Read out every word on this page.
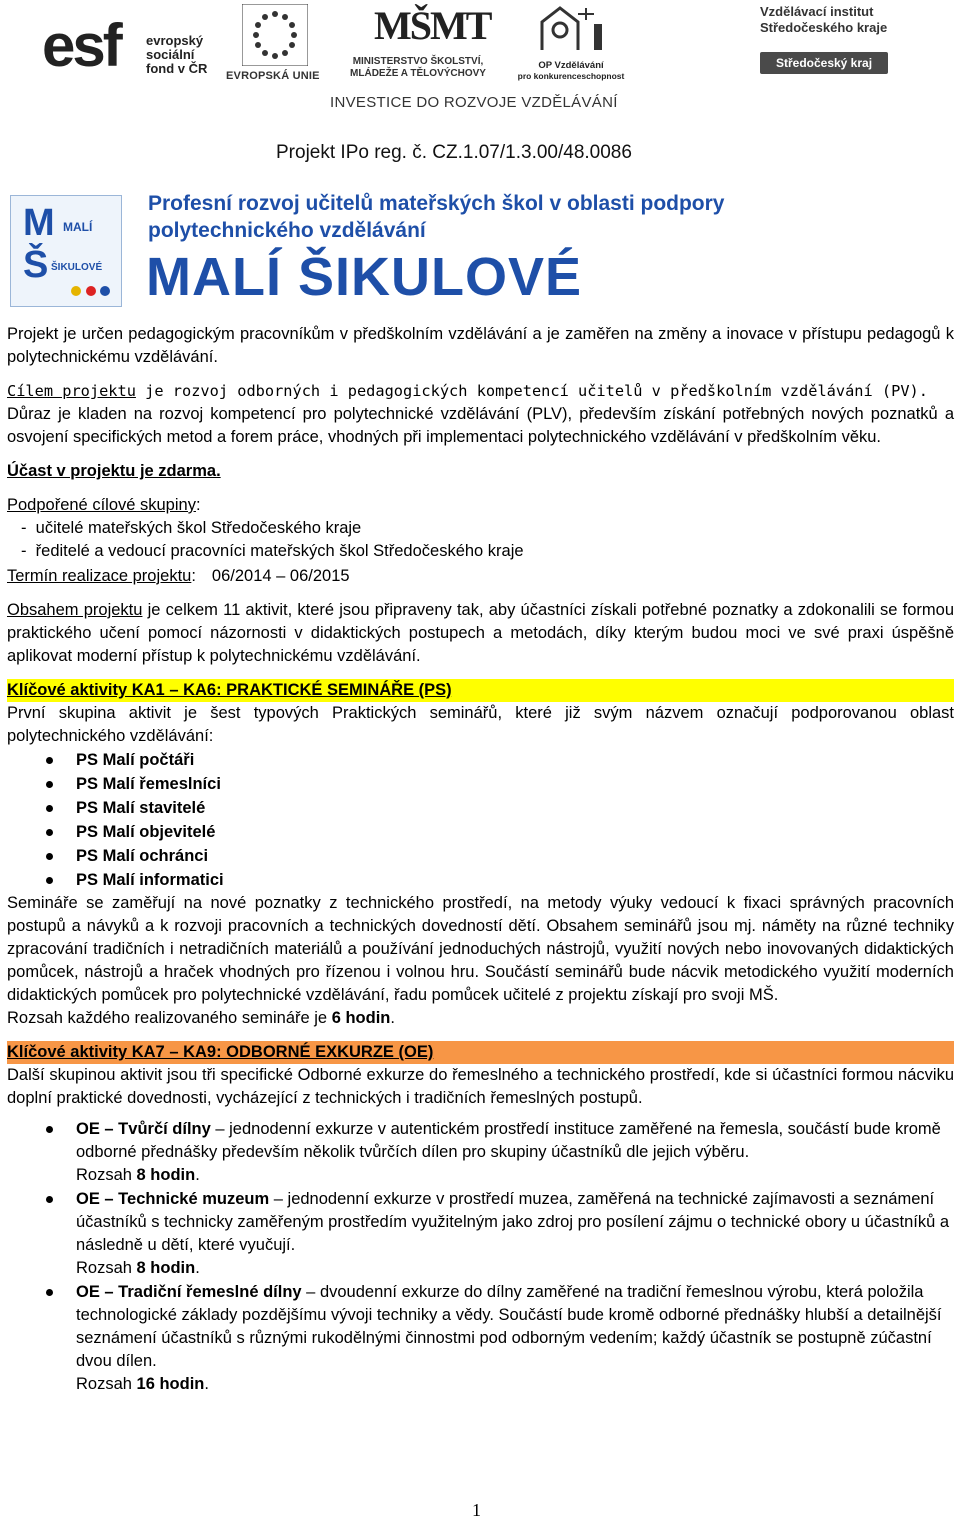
esf evropský
sociální
fond v ČR EVROPSKÁ UNIE
MŠMT
MINISTERSTVO ŠKOLSTVÍ,
MLÁDEŽE A TĚLOVÝCHOVY
OP Vzdělávání
pro konkurenceschopnost
Vzdělávací institut
Středočeského kraje
Středočeský kraj
INVESTICE DO ROZVOJE VZDĚLÁVÁNÍ
Projekt IPo reg. č. CZ.1.07/1.3.00/48.0086
M MALÍ
Š ŠIKULOVÉ

Profesní rozvoj učitelů mateřských škol v oblasti podpory
polytechnického vzdělávání
MALÍ ŠIKULOVÉ
Projekt je určen pedagogickým pracovníkům v předškolním vzdělávání a je zaměřen na změny a inovace v přístupu pedagogů k polytechnickému vzdělávání.
Cílem projektu je rozvoj odborných i pedagogických kompetencí učitelů v předškolním vzdělávání (PV).
Důraz je kladen na rozvoj kompetencí pro polytechnické vzdělávání (PLV), především získání potřebných nových poznatků a osvojení specifických metod a forem práce, vhodných při implementaci polytechnického vzdělávání v předškolním věku.
Účast v projektu je zdarma.
Podpořené cílové skupiny:
-  učitelé mateřských škol Středočeského kraje
-  ředitelé a vedoucí pracovníci mateřských škol Středočeského kraje
Termín realizace projektu: 06/2014 – 06/2015
Obsahem projektu je celkem 11 aktivit, které jsou připraveny tak, aby účastníci získali potřebné poznatky a zdokonalili se formou praktického učení pomocí názornosti v didaktických postupech a metodách, díky kterým budou moci ve své praxi úspěšně aplikovat moderní přístup k polytechnickému vzdělávání.
Klíčové aktivity KA1 – KA6: PRAKTICKÉ SEMINÁŘE (PS)
První skupina aktivit je šest typových Praktických seminářů, které již svým názvem označují podporovanou oblast polytechnického vzdělávání:
PS Malí počtáři
PS Malí řemeslníci
PS Malí stavitelé
PS Malí objevitelé
PS Malí ochránci
PS Malí informatici
Semináře se zaměřují na nové poznatky z technického prostředí, na metody výuky vedoucí k fixaci správných pracovních postupů a návyků a k rozvoji pracovních a technických dovedností dětí. Obsahem seminářů jsou mj. náměty na různé techniky zpracování tradičních i netradičních materiálů a používání jednoduchých nástrojů, využití nových nebo inovovaných didaktických pomůcek, nástrojů a hraček vhodných pro řízenou i volnou hru. Součástí seminářů bude nácvik metodického využití moderních didaktických pomůcek pro polytechnické vzdělávání, řadu pomůcek učitelé z projektu získají pro svoji MŠ.
Rozsah každého realizovaného semináře je 6 hodin.
Klíčové aktivity KA7 – KA9: ODBORNÉ EXKURZE (OE)
Další skupinou aktivit jsou tři specifické Odborné exkurze do řemeslného a technického prostředí, kde si účastníci formou nácviku doplní praktické dovednosti, vycházející z technických i tradičních řemeslných postupů.
OE – Tvůrčí dílny – jednodenní exkurze v autentickém prostředí instituce zaměřené na řemesla, součástí bude kromě odborné přednášky především několik tvůrčích dílen pro skupiny účastníků dle jejich výběru.
Rozsah 8 hodin.
OE – Technické muzeum – jednodenní exkurze v prostředí muzea, zaměřená na technické zajímavosti a seznámení účastníků s technicky zaměřeným prostředím využitelným jako zdroj pro posílení zájmu o technické obory u účastníků a následně u dětí, které vyučují.
Rozsah 8 hodin.
OE – Tradiční řemeslné dílny – dvoudenní exkurze do dílny zaměřené na tradiční řemeslnou výrobu, která položila technologické základy pozdějšímu vývoji techniky a vědy. Součástí bude kromě odborné přednášky hlubší a detailnější seznámení účastníků s různými rukodělnými činnostmi pod odborným vedením; každý účastník se postupně zúčastní dvou dílen.
Rozsah 16 hodin.
1
